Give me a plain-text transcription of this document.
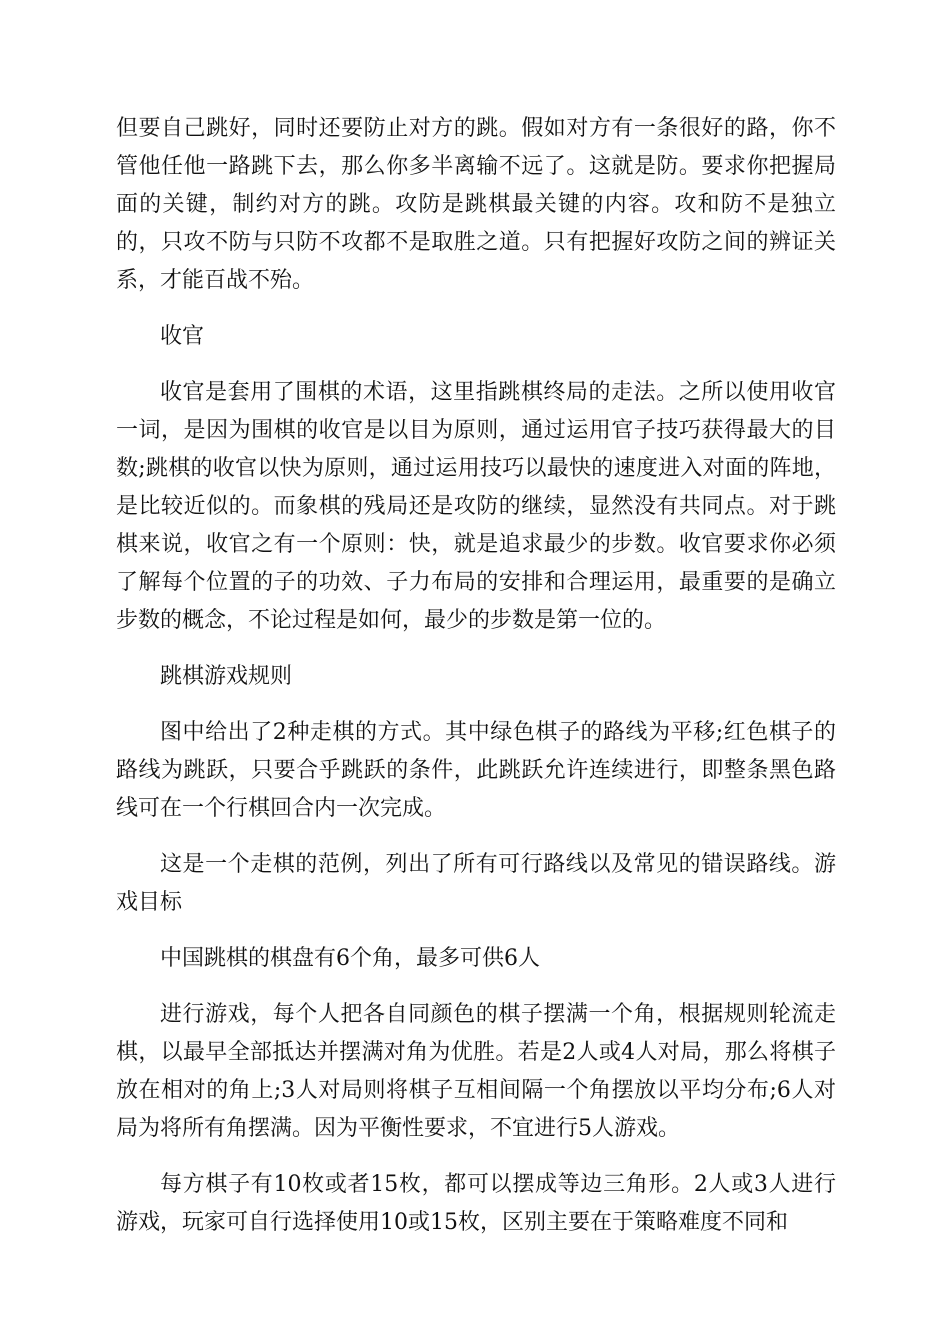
但要自己跳好，同时还要防止对方的跳。假如对方有一条很好的路，你不管他任他一路跳下去，那么你多半离输不远了。这就是防。要求你把握局面的关键，制约对方的跳。攻防是跳棋最关键的内容。攻和防不是独立的，只攻不防与只防不攻都不是取胜之道。只有把握好攻防之间的辨证关系，才能百战不殆。

收官

收官是套用了围棋的术语，这里指跳棋终局的走法。之所以使用收官一词，是因为围棋的收官是以目为原则，通过运用官子技巧获得最大的目数;跳棋的收官以快为原则，通过运用技巧以最快的速度进入对面的阵地，是比较近似的。而象棋的残局还是攻防的继续，显然没有共同点。对于跳棋来说，收官之有一个原则：快，就是追求最少的步数。收官要求你必须了解每个位置的子的功效、子力布局的安排和合理运用，最重要的是确立步数的概念，不论过程是如何，最少的步数是第一位的。

跳棋游戏规则

图中给出了2种走棋的方式。其中绿色棋子的路线为平移;红色棋子的路线为跳跃，只要合乎跳跃的条件，此跳跃允许连续进行，即整条黑色路线可在一个行棋回合内一次完成。

这是一个走棋的范例，列出了所有可行路线以及常见的错误路线。游戏目标

中国跳棋的棋盘有6个角，最多可供6人

进行游戏，每个人把各自同颜色的棋子摆满一个角，根据规则轮流走棋，以最早全部抵达并摆满对角为优胜。若是2人或4人对局，那么将棋子放在相对的角上;3人对局则将棋子互相间隔一个角摆放以平均分布;6人对局为将所有角摆满。因为平衡性要求，不宜进行5人游戏。

每方棋子有10枚或者15枚，都可以摆成等边三角形。2人或3人进行游戏，玩家可自行选择使用10或15枚，区别主要在于策略难度不同和
